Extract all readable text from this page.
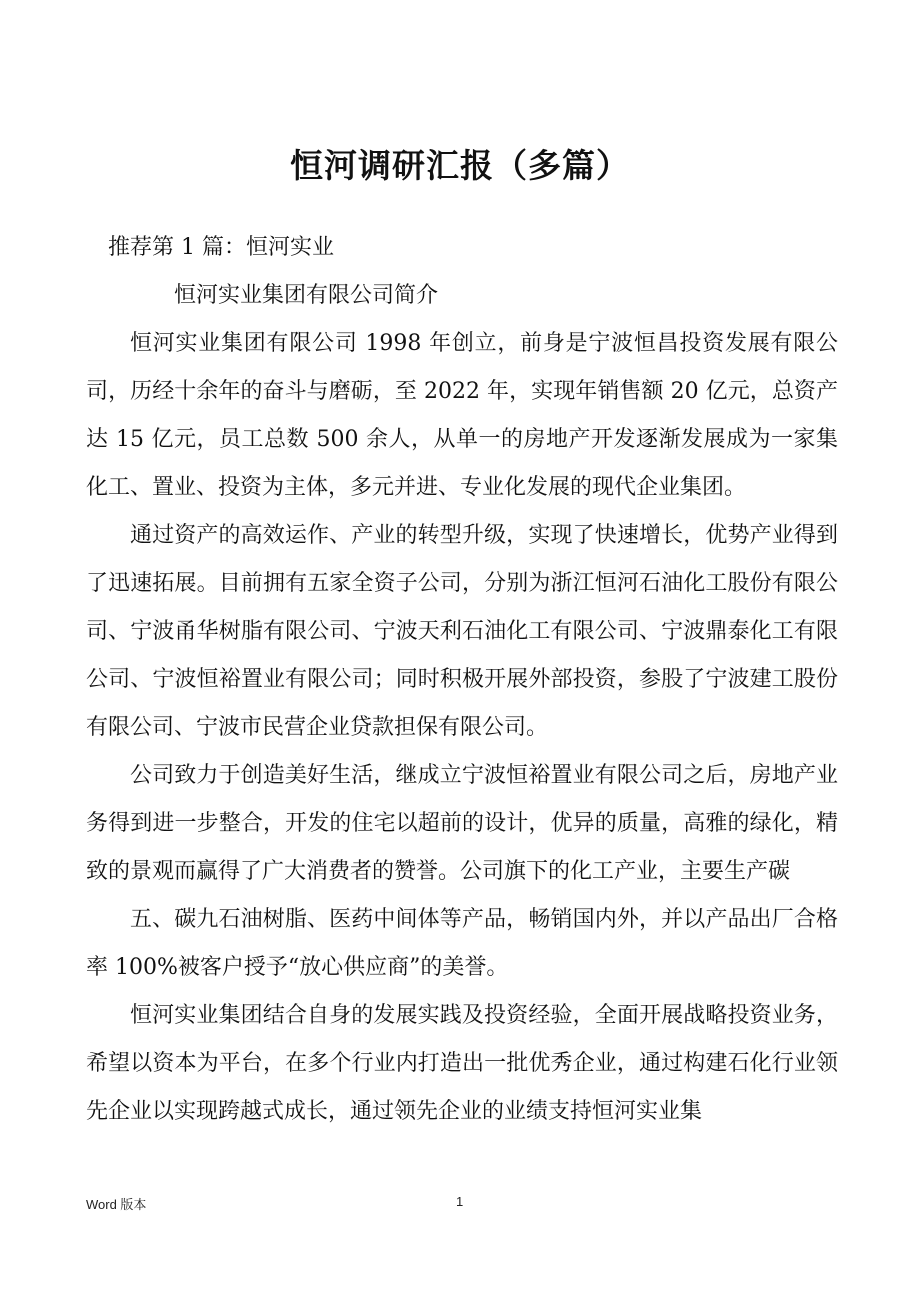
恒河调研汇报（多篇）

推荐第 1 篇：恒河实业

恒河实业集团有限公司简介

恒河实业集团有限公司 1998 年创立，前身是宁波恒昌投资发展有限公司，历经十余年的奋斗与磨砺，至 2022 年，实现年销售额 20 亿元，总资产达 15 亿元，员工总数 500 余人，从单一的房地产开发逐渐发展成为一家集化工、置业、投资为主体，多元并进、专业化发展的现代企业集团。

通过资产的高效运作、产业的转型升级，实现了快速增长，优势产业得到了迅速拓展。目前拥有五家全资子公司，分别为浙江恒河石油化工股份有限公司、宁波甬华树脂有限公司、宁波天利石油化工有限公司、宁波鼎泰化工有限公司、宁波恒裕置业有限公司；同时积极开展外部投资，参股了宁波建工股份有限公司、宁波市民营企业贷款担保有限公司。

公司致力于创造美好生活，继成立宁波恒裕置业有限公司之后，房地产业务得到进一步整合，开发的住宅以超前的设计，优异的质量，高雅的绿化，精致的景观而赢得了广大消费者的赞誉。公司旗下的化工产业，主要生产碳

五、碳九石油树脂、医药中间体等产品，畅销国内外，并以产品出厂合格率 100%被客户授予“放心供应商”的美誉。

恒河实业集团结合自身的发展实践及投资经验，全面开展战略投资业务，希望以资本为平台，在多个行业内打造出一批优秀企业，通过构建石化行业领先企业以实现跨越式成长，通过领先企业的业绩支持恒河实业集

Word 版本	1
